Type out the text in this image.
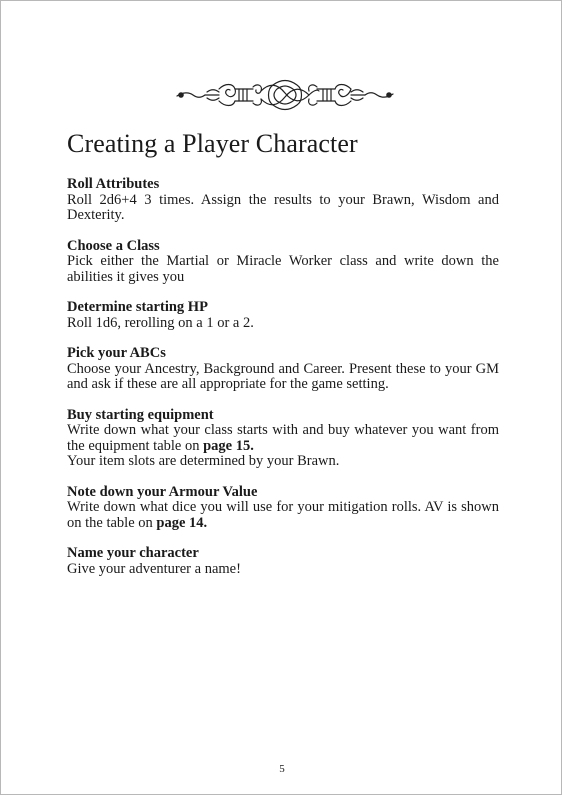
Creating a Player Character
Roll Attributes
Roll 2d6+4 3 times. Assign the results to your Brawn, Wisdom and Dexterity.
Choose a Class
Pick either the Martial or Miracle Worker class and write down the abilities it gives you
Determine starting HP
Roll 1d6, rerolling on a 1 or a 2.
Pick your ABCs
Choose your Ancestry, Background and Career. Present these to your GM and ask if these are all appropriate for the game setting.
Buy starting equipment
Write down what your class starts with and buy whatever you want from the equipment table on page 15.
Your item slots are determined by your Brawn.
Note down your Armour Value
Write down what dice you will use for your mitigation rolls. AV is shown on the table on page 14.
Name your character
Give your adventurer a name!
5
